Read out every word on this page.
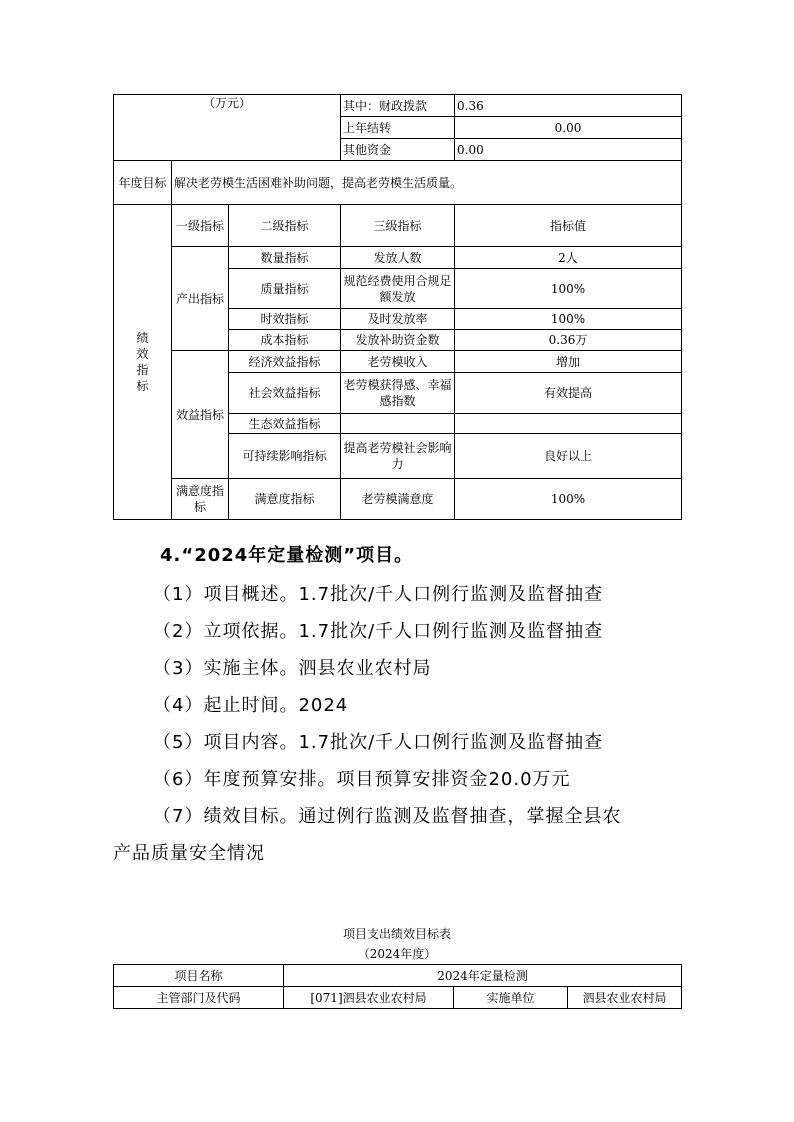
（万元）			其中：财政拨款	0.36
			上年结转	0.00
			其他资金	0.00
年度目标	解决老劳模生活困难补助问题，提高老劳模生活质量。			
绩效指标	一级指标	二级指标	三级指标	指标值
	产出指标	数量指标	发放人数	2人
		质量指标	规范经费使用合规足额发放	100%
		时效指标	及时发放率	100%
		成本指标	发放补助资金数	0.36万
	效益指标	经济效益指标	老劳模收入	增加
		社会效益指标	老劳模获得感、幸福感指数	有效提高
		生态效益指标		
		可持续影响指标	提高老劳模社会影响力	良好以上
	满意度指标	满意度指标	老劳模满意度	100%
4.“2024年定量检测”项目。
（1）项目概述。1.7批次/千人口例行监测及监督抽查
（2）立项依据。1.7批次/千人口例行监测及监督抽查
（3）实施主体。泗县农业农村局
（4）起止时间。2024
（5）项目内容。1.7批次/千人口例行监测及监督抽查
（6）年度预算安排。项目预算安排资金20.0万元
（7）绩效目标。通过例行监测及监督抽查，掌握全县农
产品质量安全情况
项目支出绩效目标表
（2024年度）
项目名称	2024年定量检测		
主管部门及代码	[071]泗县农业农村局	实施单位	泗县农业农村局
